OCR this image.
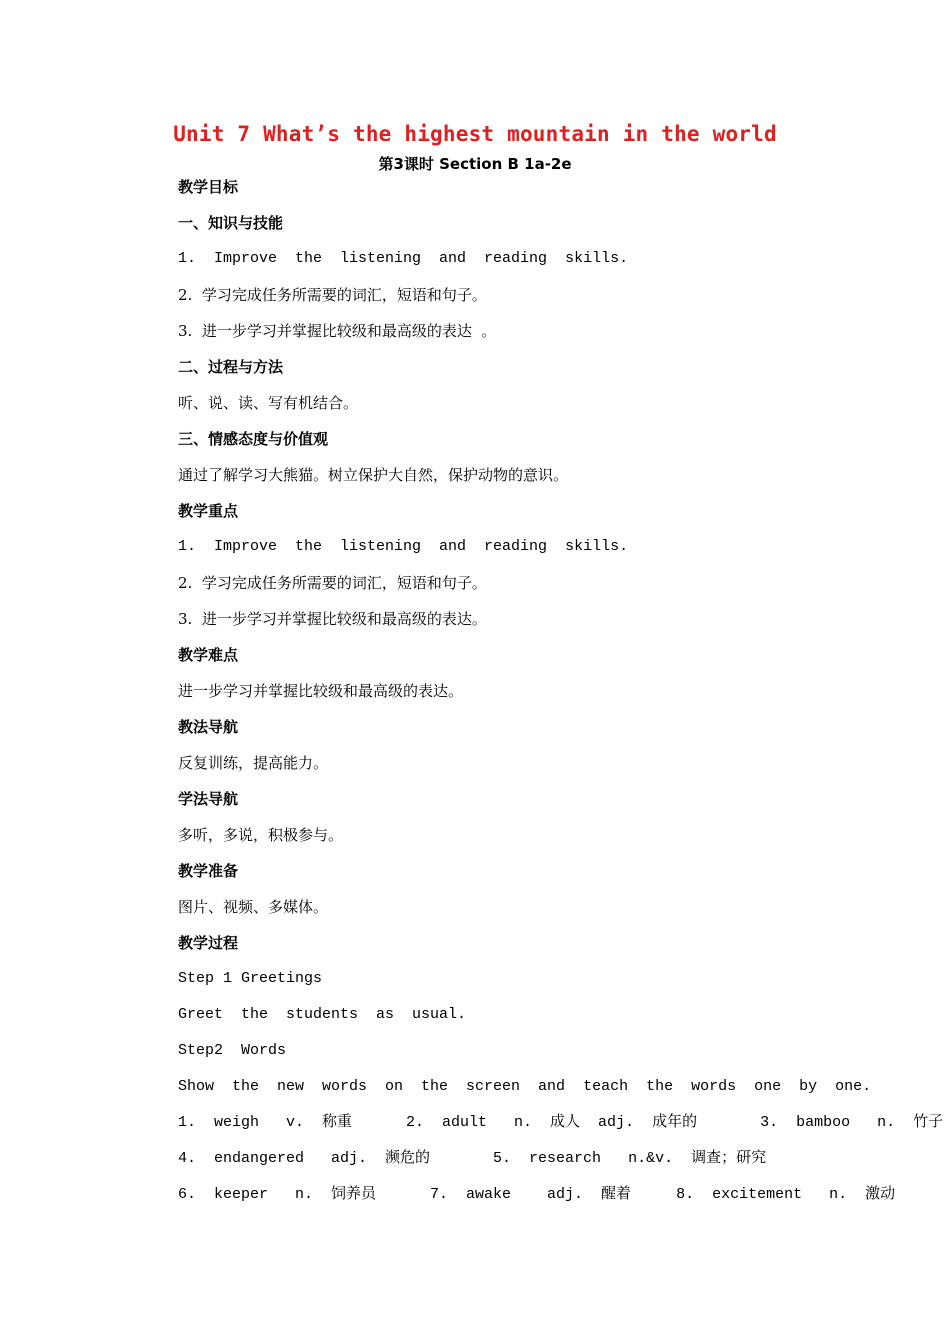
Unit 7 What’s the highest mountain in the world
第3课时 Section B 1a-2e
教学目标
一、知识与技能
1.  Improve  the  listening  and  reading  skills.
2.  学习完成任务所需要的词汇，短语和句子。
3.  进一步学习并掌握比较级和最高级的表达  。
二、过程与方法
听、说、读、写有机结合。
三、情感态度与价值观
通过了解学习大熊猫。树立保护大自然，保护动物的意识。
教学重点
1.  Improve  the  listening  and  reading  skills.
2.  学习完成任务所需要的词汇，短语和句子。
3.  进一步学习并掌握比较级和最高级的表达。
教学难点
进一步学习并掌握比较级和最高级的表达。
教法导航
反复训练，提高能力。
学法导航
多听，多说，积极参与。
教学准备
图片、视频、多媒体。
教学过程
Step 1 Greetings
Greet  the  students  as  usual.
Step2  Words
Show  the  new  words  on  the  screen  and  teach  the  words  one  by  one.
1.  weigh   v.  称重      2.  adult   n.  成人  adj.  成年的       3.  bamboo   n.  竹子
4.  endangered   adj.  濒危的       5.  research   n.&v.  调查；研究
6.  keeper   n.  饲养员      7.  awake    adj.  醒着     8.  excitement   n.  激动
